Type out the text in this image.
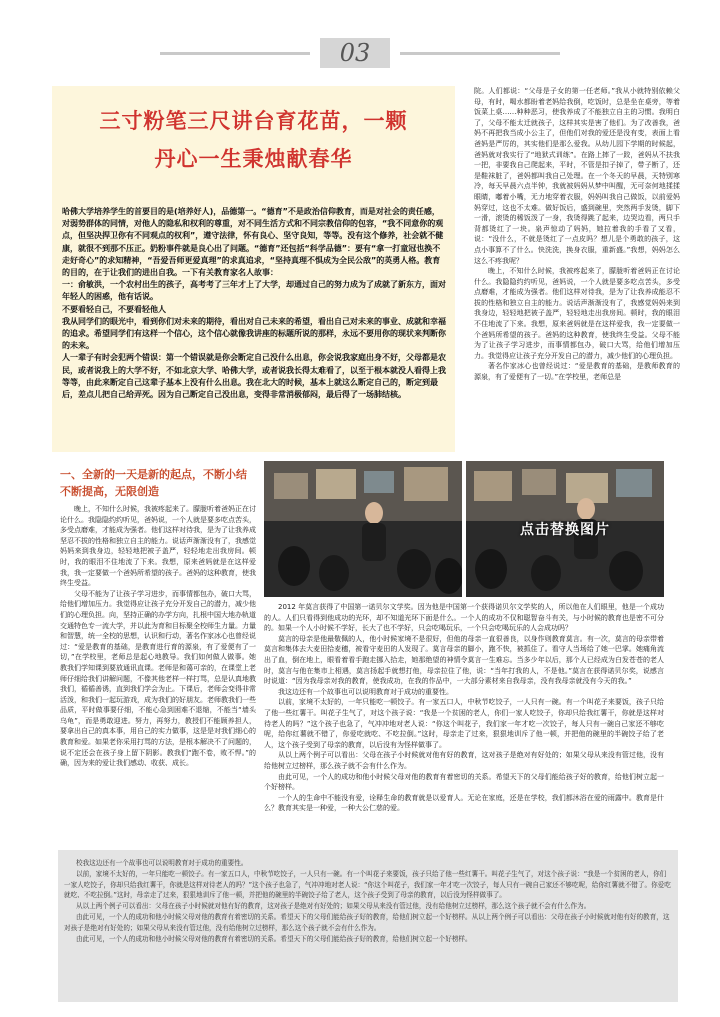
03
三寸粉笔三尺讲台育花苗，一颗
丹心一生秉烛献春华

哈佛大学培养学生的首要目的是(培养好人)，品德第一。“德育”不是政治信仰教育，而是对社会的责任感，对弱势群体的同情，对他人的隐私和权利的尊重，对不同生活方式和不同宗教信仰的包容，“我不同意你的观点，但坚决捍卫你有不同观点的权利”，遵守法律，怀有良心、坚守良知，等等。没有这个修养，社会就不健康，就很不到那不压正。奶粉事件就是良心出了问题。“德育”还包括“科学品德”：要有“拿一打童冠也换不走好奇心”的求知精神，“吾爱吾师更爱真理”的求真追求，“坚持真理不惧成为全民公敌”的英勇人格。教育的目的，在于让我们的进出自我。一下有关教育家名人故事：

一：俞敏洪，一个农村出生的孩子，高考考了三年才上了大学，却通过自己的努力成为了成就了新东方，面对年轻人的困惑，他有话说。

不要看轻自己，不要看轻他人

我从同学们的眼光中，看到你们对未来的期待，看出对自己未来的希望，看出自己对未来的事业、成就和幸福的追求。希望同学们有这样一个信心，这个信心就像我讲座的标题所说的那样，永远不要用你的现状来判断你的未来。

人一辈子有时会犯两个错误：第一个错误就是你会断定自己没什么出息，你会说我家庭出身不好，父母都是农民，或者说我上的大学不好，不如北京大学、哈佛大学，或者说我长得太难看了，以至于根本就没人看得上我等等，由此来断定自己这辈子基本上没有什么出息。我在北大的时候，基本上就这么断定自己的，断定到最后，差点儿把自己给弄死。因为自己断定自己没出息，变得非常消极郁闷，最后得了一场肺结核。

院。人们都说：“父母是子女的第一任老师。”我从小就特别依赖父母，有时，喝水都盼着老妈给我倒，吃饭时，总是坐在桌旁，等着饭菜上桌……种种恶习，使我养成了不能独立自主的习惯。我明白了，父母不能太迁就孩子，这样其实是害了他们。为了改善我，爸妈不再把我当成小公主了，但他们对我的爱还是没有变，表面上看爸妈是严厉的，其实他们是那么爱我。从幼儿园下学期的时候起，爸妈就对我实行了“地狱式训练”。在路上摔了一跤，爸妈从不扶我一把，非要我自己爬起来，平时，不管是扣子掉了，带子断了，还是鞋袜脏了，爸妈都叫我自己处理。在一个冬天的早晨，天特别寒冷，每天早晨六点半钟，我就被妈妈从梦中叫醒，无可奈何地揉揉眼睛，嘟着小嘴，无力地穿着衣服，妈妈叫我自己做饭，以前爱妈妈穿过，这也不太难。做好饭后，盛到碗里，突然两手发烫，脚下一滑，滚烫的稀饭泼了一身，我烫得跳了起来，边哭边看，两只手背都烫红了一块。泉声惊动了妈妈，她拉着我的手看了又看，说：“没什么，不就是烫红了一点皮吗？想儿是个勇敢的孩子，这点小事算不了什么。快洗洗，换身衣服，重新盛。”我想，妈妈怎么这么不疼我呢？

晚上，不知什么时候，我被疼起来了，朦胧听着爸妈正在讨论什么。我隐隐约约听见，爸妈说，一个人就是要多吃点苦头，多受点磨难，才能成为强者。他们这样对待我，是为了让我养成能忍不拔的性格和独立自主的能力。说话声渐渐没有了，我感觉妈妈来到我身边，轻轻地把被子盖严，轻轻地走出我房间。顿时，我的眼泪不住地流了下来。我想，原来爸妈就是在这样爱我，我一定要做一个爸妈所希望的孩子。爸妈的这种教育，使我终生受益。父母不能为了让孩子学习进步，而事情都包办，破口大骂，给他们增加压力。我觉得应让孩子充分开发自己的潜力，减少他们的心理负担。

著名作家冰心也曾经说过：“爱是教育的基础，是教师教育的源泉，有了爱便有了一切。”在学校里，老师总是

一、全新的一天是新的起点，不断小结不断提高，无限创造

晚上，不知什么时候，我被疼起来了。朦胧听着爸妈正在讨论什么。我隐隐约约听见，爸妈说，一个人就是要多吃点苦头，多受点磨难，才能成为强者。他们这样对待我，是为了让我养成坚忍不拔的性格和独立自主的能力。说话声渐渐没有了，我感觉妈妈来到我身边，轻轻地把被子盖严，轻轻地走出我房间。顿时，我的眼泪不住地流了下来。我想，原来爸妈就是在这样爱我，我一定要做一个爸妈所希望的孩子。爸妈的这种教育，使我终生受益。

父母不能为了让孩子学习进步，而事情都包办，破口大骂，给他们增加压力。我觉得应让孩子充分开发自己的潜力，减少他们的心理负担。向，坚持正确的办学方向，扎根中国大地办轨道交通特色专一流大学，并以此为育和目标聚全校师生力量。力量和智慧，统一全校的思想，认识和行动，著名作家冰心也曾经说过：“爱是教育的基础，是教育进行育的源泉，有了爱便有了一切，”在学校里，老师总是起心地教导。我们如何做人做事。她教我们学知课到要放通讯直课。老师是和蔼可亲的，在课堂上老师仔细给我们讲解问题，不像其他老样一样打骂，总是认真地教我们，循循善诱，直到我们学会为止。下课后，老师会变得非常活泼，和我们一起玩游戏，成为我们的好朋友。老师教我们一些品质，平时做事要仔细，不能心急到困难不退缩，不能当“墙头乌龟”，而是勇敢迎进。努力，再努力，教授们不能顾养担人，要拿出自己的真本事，用自己的实力做事，这是是对我们细心的教育和爱。如果老你采用打骂的方法，是根本解决不了问题的，说不定还会在孩子身上留下阴影。教我们“跑不卷，败不悍。”的确，因为来的爱让我们感动、收获、成长。

点击替换图片

2012 年莫言获得了中国第一诺贝尔文学奖。因为他是中国第一个获得诺贝尔文学奖的人，所以他在人们眼里，他是一个成功的人。人们只看得到他成功的光环，却不知道光环下面是什么。一个人的成功不仅和聪智奋斗有关，与小时候的教育也是密不可分的。如果一个人小时候不学好，长大了也不学好，只会吃喝玩乐，一个只会吃喝玩乐的人会成功吗？

莫言的母亲是他最敬佩的人，他小时候家境不是很好，但他的母亲一直很善良，以身作则教育莫言。有一次，莫言的母亲带着莫言和集体去大麦田拾麦穗，被看守麦田的人发现了。莫言母亲的脚小，跑不快，被抓住了。看守人当场给了她一巴掌。她痛角流出了血，倒在地上，眼看着看手跑走挪入拾走，她那绝望的神情令莫言一生难忘。当多少年以后，那个人已经成为白发苍苍的老人时，莫言与他在集市上相遇，莫言扬起手就想打他，母亲拉住了他，说：“当年打我的人，不是他。”莫言在获得诺贝尔奖，说感言时说道：“因为我母亲对我的教育，使我成功，在我的作品中，一大部分素材来自我母亲，没有我母亲就没有今天的我。”

我这边还有一个故事也可以说明教育对于成功的重要性。

以前，家境不太好的，一年只能吃一顿饺子。有一家五口人，中秋节吃饺子，一人只有一碗。有一个叫花子来要饭，孩子只给了他一些红薯干。叫花子生气了，对这个孩子说：“我是一个贫困的老人，你们一家人吃饺子，你却只给我红薯干，你就是这样对待老人的吗？”这个孩子也急了，气冲冲地对老人说：“你这个叫花子，我们家一年才吃一次饺子，每人只有一碗自己家还不够吃呢，给你红薯就不错了，你爱吃就吃、不吃拉倒。”这时，母亲走了过来，狠狠地训斥了他一顿，并把他的碗里的半碗饺子给了老人，这个孩子受到了母亲的教育，以后没有为怪样做事了。

从以上两个例子可以看出：父母在孩子小时候就对他有好的教育，这对孩子是绝对有好处的；如果父母从来没有管过他，没有给他树立过榜样，那么孩子就不会有什么作为。

由此可见，一个人的成功和他小时候父母对他的教育有着密切的关系。希望天下的父母们能给孩子好的教育，给他们树立起一个好榜样。

一个人的生命中不能没有爱，诠释生命的教育就是以爱育人。无论在家庭，还是在学校，我们都沐浴在爱的雨露中。教育是什么？教育其实是一种爱，一种大公仁慈的爱。

校我这边还有一个故事也可以说明教育对于成功的重要性。

以前，家境不太好的，一年只能吃一顿饺子。有一家五口人，中秋节吃饺子，一人只有一碗。有一个叫花子来要饭，孩子只给了他一些红薯干。叫花子生气了，对这个孩子说：“我是一个贫困的老人，你们一家人吃饺子，你却只给我红薯干，你就是这样对待老人的吗？”这个孩子也急了，气冲冲地对老人说：“你这个叫花子，我们家一年才吃一次饺子，每人只有一碗自己家还不够吃呢，给你红薯就不错了。你爱吃就吃、不吃拉倒。”这时，母亲走了过来，狠狠地训斥了他一顿，并把他的碗里的半碗饺子给了老人，这个孩子受到了母亲的教育，以后没为怪样做事了。

从以上两个例子可以看出：父母在孩子小时候就对他有好的教育，这对孩子是绝对有好处的；如果父母从来没有管过他，没有给他树立过榜样，那么这个孩子就不会有什么作为。

由此可见，一个人的成功和他小时候父母对他的教育有着密切的关系。希望天下的父母们能给孩子好的教育，给他们树立起一个好榜样。从以上两个例子可以看出：父母在孩子小时候就对他有好的教育，这对孩子是绝对有好处的；如果父母从来没有管过他，没有给他树立过榜样，那么这个孩子就不会有什么作为。

由此可见，一个人的成功和他小时候父母对他的教育有着密切的关系。希望天下的父母们能给孩子好的教育，给他们树立起一个好榜样。
